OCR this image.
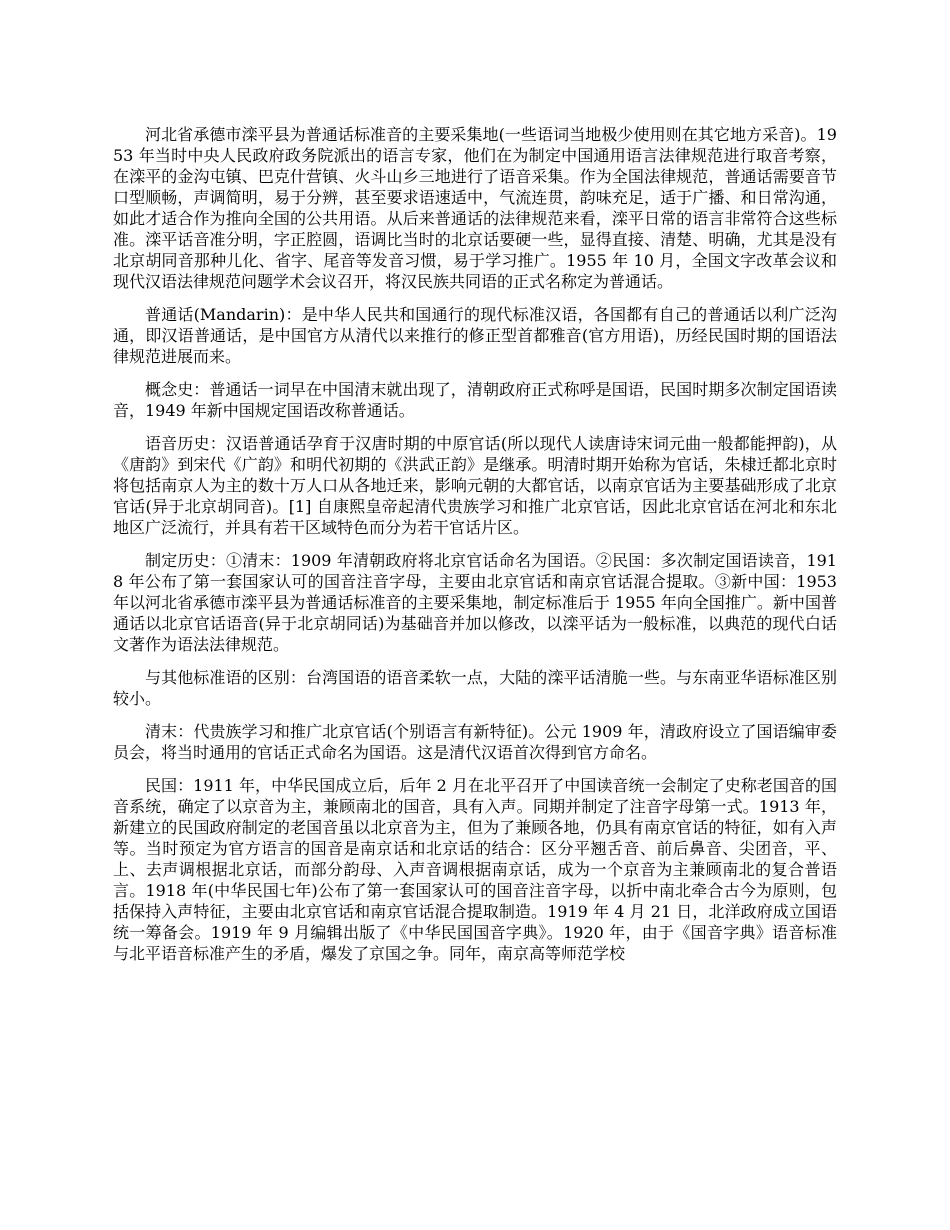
河北省承德市滦平县为普通话标准音的主要采集地(一些语词当地极少使用则在其它地方采音)。1953 年当时中央人民政府政务院派出的语言专家，他们在为制定中国通用语言法律规范进行取音考察，在滦平的金沟屯镇、巴克什营镇、火斗山乡三地进行了语音采集。作为全国法律规范，普通话需要音节口型顺畅，声调简明，易于分辨，甚至要求语速适中，气流连贯，韵味充足，适于广播、和日常沟通，如此才适合作为推向全国的公共用语。从后来普通话的法律规范来看，滦平日常的语言非常符合这些标准。滦平话音准分明，字正腔圆，语调比当时的北京话要硬一些，显得直接、清楚、明确，尤其是没有北京胡同音那种儿化、省字、尾音等发音习惯，易于学习推广。1955 年 10 月，全国文字改革会议和现代汉语法律规范问题学术会议召开，将汉民族共同语的正式名称定为普通话。

普通话(Mandarin)：是中华人民共和国通行的现代标准汉语，各国都有自己的普通话以利广泛沟通，即汉语普通话，是中国官方从清代以来推行的修正型首都雅音(官方用语)，历经民国时期的国语法律规范进展而来。

概念史：普通话一词早在中国清末就出现了，清朝政府正式称呼是国语，民国时期多次制定国语读音，1949 年新中国规定国语改称普通话。

语音历史：汉语普通话孕育于汉唐时期的中原官话(所以现代人读唐诗宋词元曲一般都能押韵)，从《唐韵》到宋代《广韵》和明代初期的《洪武正韵》是继承。明清时期开始称为官话，朱棣迁都北京时将包括南京人为主的数十万人口从各地迁来，影响元朝的大都官话，以南京官话为主要基础形成了北京官话(异于北京胡同音)。[1] 自康熙皇帝起清代贵族学习和推广北京官话，因此北京官话在河北和东北地区广泛流行，并具有若干区域特色而分为若干官话片区。

制定历史：①清末：1909 年清朝政府将北京官话命名为国语。②民国：多次制定国语读音，1918 年公布了第一套国家认可的国音注音字母，主要由北京官话和南京官话混合提取。③新中国：1953 年以河北省承德市滦平县为普通话标准音的主要采集地，制定标准后于 1955 年向全国推广。新中国普通话以北京官话语音(异于北京胡同话)为基础音并加以修改，以滦平话为一般标准，以典范的现代白话文著作为语法法律规范。

与其他标准语的区别：台湾国语的语音柔软一点，大陆的滦平话清脆一些。与东南亚华语标准区别较小。

清末：代贵族学习和推广北京官话(个别语言有新特征)。公元 1909 年，清政府设立了国语编审委员会，将当时通用的官话正式命名为国语。这是清代汉语首次得到官方命名。

民国：1911 年，中华民国成立后，后年 2 月在北平召开了中国读音统一会制定了史称老国音的国音系统，确定了以京音为主，兼顾南北的国音，具有入声。同期并制定了注音字母第一式。1913 年，新建立的民国政府制定的老国音虽以北京音为主，但为了兼顾各地，仍具有南京官话的特征，如有入声等。当时预定为官方语言的国音是南京话和北京话的结合：区分平翘舌音、前后鼻音、尖团音，平、上、去声调根据北京话，而部分韵母、入声音调根据南京话，成为一个京音为主兼顾南北的复合普语言。1918 年(中华民国七年)公布了第一套国家认可的国音注音字母，以折中南北牵合古今为原则，包括保持入声特征，主要由北京官话和南京官话混合提取制造。1919 年 4 月 21 日，北洋政府成立国语统一筹备会。1919 年 9 月编辑出版了《中华民国国音字典》。1920 年，由于《国音字典》语音标准与北平语音标准产生的矛盾，爆发了京国之争。同年，南京高等师范学校
